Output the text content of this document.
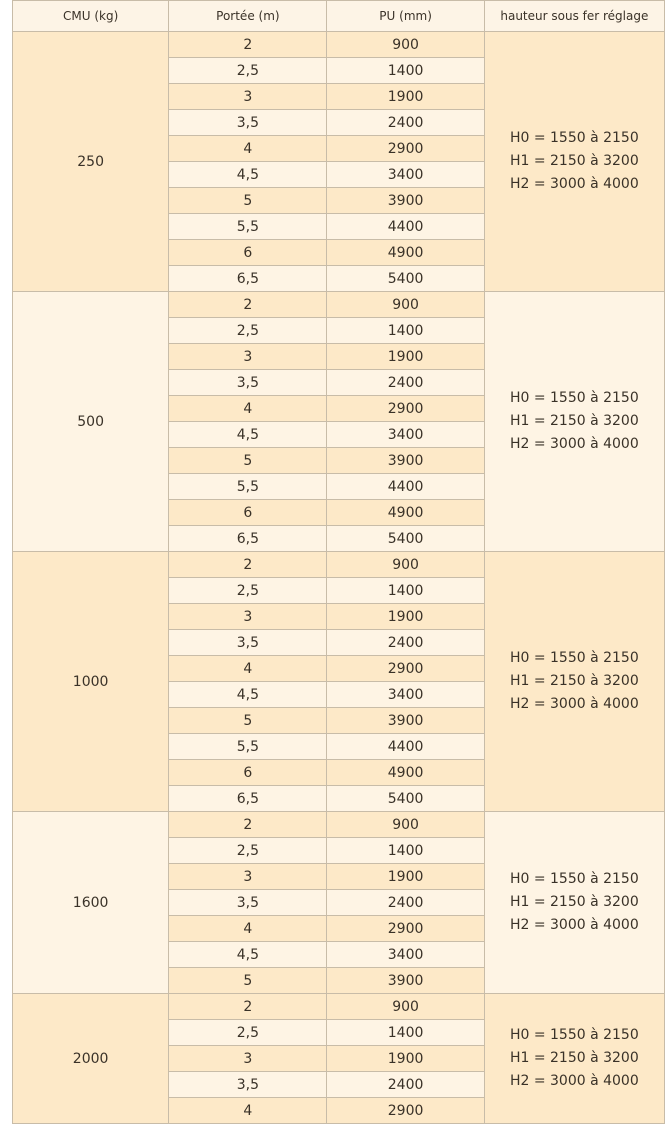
CMU (kg)	Portée (m)	PU (mm)	hauteur sous fer réglage
250	2	900	H0 = 1550 à 2150
H1 = 2150 à 3200
H2 = 3000 à 4000

	2,5	1400	
	3	1900	
	3,5	2400	
	4	2900	
	4,5	3400	
	5	3900	
	5,5	4400	
	6	4900	
	6,5	5400	
500	2	900	H0 = 1550 à 2150
H1 = 2150 à 3200
H2 = 3000 à 4000

	2,5	1400	
	3	1900	
	3,5	2400	
	4	2900	
	4,5	3400	
	5	3900	
	5,5	4400	
	6	4900	
	6,5	5400	
1000	2	900	H0 = 1550 à 2150
H1 = 2150 à 3200
H2 = 3000 à 4000

	2,5	1400	
	3	1900	
	3,5	2400	
	4	2900	
	4,5	3400	
	5	3900	
	5,5	4400	
	6	4900	
	6,5	5400	
1600	2	900	H0 = 1550 à 2150
H1 = 2150 à 3200
H2 = 3000 à 4000

	2,5	1400	
	3	1900	
	3,5	2400	
	4	2900	
	4,5	3400	
	5	3900	
2000	2	900	H0 = 1550 à 2150
H1 = 2150 à 3200
H2 = 3000 à 4000

	2,5	1400	
	3	1900	
	3,5	2400	
	4	2900	
